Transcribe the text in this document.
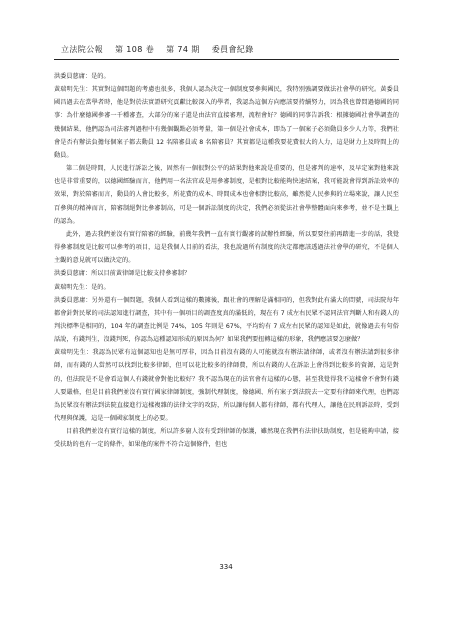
立法院公報 第 108 卷 第 74 期 委員會紀錄

洪委員慈庸：是的。

黃瑞明先生：其實對這個問題的考慮也很多，我個人認為決定一個制度要參與國民，我特別強調要做法社會學的研究。黃委員國昌過去在當學者時，他是對於法實證研究貢獻比較深入的學者，我認為這個方向應該要持續努力，因為我也曾問過德國的同事：為什麼德國參審一千種審查，大部分的案子還是由法官直接審理，流程會好？德國的同事告訴我：根據德國社會學調查的幾個結果，他們認為司法審判過程中有幾個觀點必須考量，第一個是社會成本，即為了一個案子必須動員多少人力等，我們社會是否有辦法負擔每個案子都去動員 12 名陪審員或 8 名陪審員？其實都是這種我要花費很大的人力，這是財力上及時間上的動員。

第二個是時間，人民進行訴訟之後，固然有一個很對公平的結果對他來說是重要的，但是審判的速率，及早定案對他來說也是非常重要的，以德國經驗而言，他們用一名法官或是用參審制度，是根對比較能夠快速結案，我可能說會得到訴訟效率的效果，對於陪審而言，動員的人會比較多，所花費的成本、時間成本也會相對比較高，雖然從人民參與的立場來說，讓人民至百參與的精神而言，陪審制絕對比參審制高，可是一個訴訟制度的決定，我們必須從法社會學整體面向來參考，並不是主觀上的認為。

此外，過去我們並沒有實行陪審的經驗，前幾年我們一直有實行觀審的試辦性經驗，所以要要往前再踏進一步的話，我覺得參審制度是比較可以參考的項目，這是我個人目前的看法，我也說過所有制度的決定都應該透過法社會學的研究，不是個人主觀的意見就可以做決定的。

洪委員慈庸：所以目前黃律師是比較支持參審制？

黃瑞明先生：是的。

洪委員慈庸：另外還有一個問題，我個人看到這樣的數據後，跟社會的理解是滿相同的，但我對此有滿大的問號，司法院每年都會針對民眾的司法認知進行調查，其中有一個項目的調查度真的滿低的，現在有 7 成左右民眾不認同法官判斷人和有錢人的判決標準是相同的，104 年的調查比例是 74%，105 年則是 67%，平均約有 7 成左右民眾的認知是如此，就像過去有句俗話說，有錢判生，沒錢判死，你認為這種認知形成的原因為何？如果我們要扭轉這樣的形象，我們應該要怎麼做？

黃瑞明先生：我認為民眾有這個認知也是無可厚非，因為目前沒有錢的人可能就沒有辦法請律師，或者沒有辦法請到很多律師，而有錢的人當然可以找到比較多律師，但可以花比較多的律師費，所以有錢的人在訴訟上會得到比較多的資源，這是對的，但法院是不是會看這個人有錢就會對他比較好？我不認為現在的法官會有這樣的心態，甚至我覺得我不這樣會不會對有錢人要嚴格，但是目前我們並沒有實行國家律師制度，強制代理制度，像德國、所有案子到法院去一定要有律師來代理，也們認為民眾沒有辦法到法院直接進行這樣複雜的法律文字的攻防，所以讓每個人都有律師，都有代理人，讓他在民刑訴訟時，受到代理與保護，這是一個國家制度上的必要。

目前我們並沒有實行這樣的制度，所以許多窮人沒有受到律師的保護，雖然現在我們有法律扶助制度，但是能夠申請，接受扶助的也有一定的條件，如果他的案件不符合這個條件，但也

334
